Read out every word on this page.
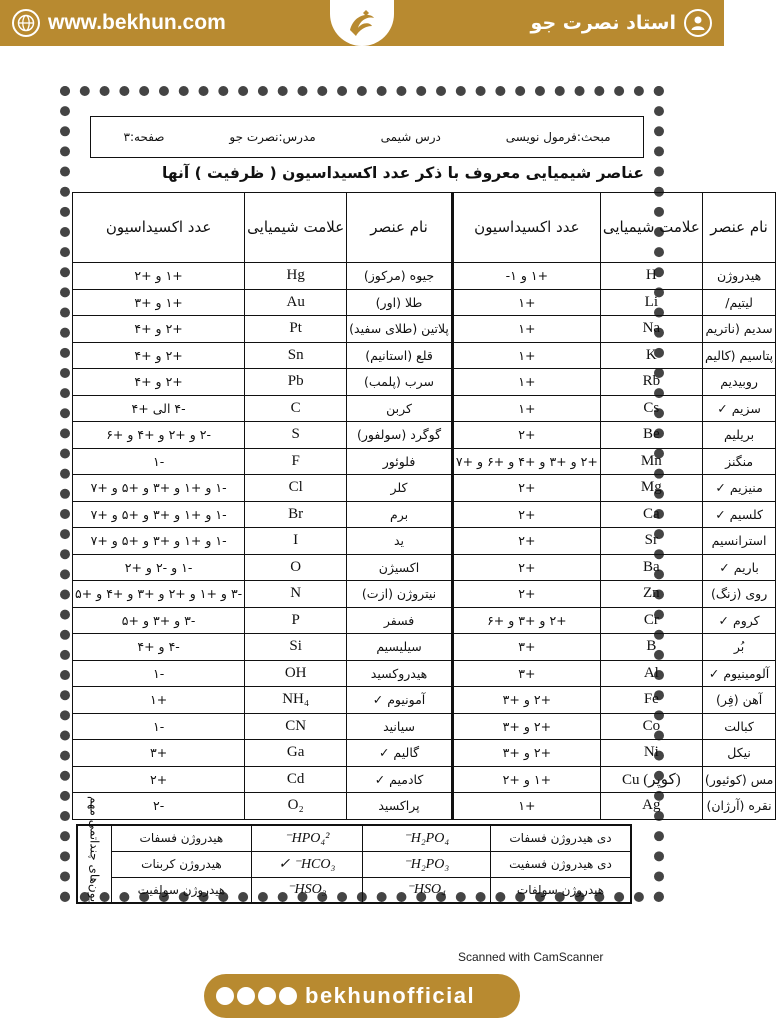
www.bekhun.com	استاد نصرت جو
مبحث:فرمول نویسی
درس شیمی
مدرس:نصرت جو
صفحه:۳
عناصر شیمیایی معروف با ذکر عدد اکسیداسیون ( ظرفیت ) آنها
نام عنصر	علامت شیمیایی	عدد اکسیداسیون	نام عنصر	علامت شیمیایی	عدد اکسیداسیون
هیدروژن	H	+۱ و ۱-	جیوه (مرکوز)	Hg	+۱ و +۲
لیتیم/	Li	+۱	طلا (اور)	Au	+۱ و +۳
سدیم (ناتریم	Na	+۱	پلاتین (طلای سفید)	Pt	+۲ و +۴
پتاسیم (کالیم	K	+۱	قلع (استانیم)	Sn	+۲ و +۴
روبیدیم	Rb	+۱	سرب (پلمب)	Pb	+۲ و +۴
سزیم ✓	Cs	+۱	کربن	C	-۴ الی +۴
بریلیم	Be	+۲	گوگرد (سولفور)	S	-۲ و +۲ و +۴ و +۶
منگنز	Mn	+۲ و +۳ و +۴ و +۶ و +۷	فلوئور	F	-۱
منیزیم ✓	Mg	+۲	کلر	Cl	-۱ و +۱ و +۳ و +۵ و +۷
کلسیم ✓	Ca	+۲	برم	Br	-۱ و +۱ و +۳ و +۵ و +۷
استرانسیم	Sr	+۲	ید	I	-۱ و +۱ و +۳ و +۵ و +۷
باریم ✓	Ba	+۲	اکسیژن	O	-۱ و -۲ و +۲
روی (زنگ)	Zn	+۲	نیتروژن (ازت)	N	-۳ و +۱ و +۲ و +۳ و +۴ و +۵
کروم ✓	Cr	+۲ و +۳ و +۶	فسفر	P	-۳ و +۳ و +۵
بُر	B	+۳	سیلیسیم	Si	-۴ و +۴
آلومینیوم ✓	Al	+۳	هیدروکسید	OH	-۱
آهن (فِر)	Fe	+۲ و +۳	آمونیوم ✓	NH₄	+۱
کبالت	Co	+۲ و +۳	سیانید	CN	-۱
نیکل	Ni	+۲ و +۳	گالیم ✓	Ga	+۳
مس (کوئیور)	(کوپر) Cu	+۱ و +۲	کادمیم ✓	Cd	+۲
نقره (آرژان)	Ag	+۱	پراکسید	O₂	-۲
دی هیدروژن فسفات	H₂PO₄⁻	HPO₄²⁻	هیدروژن فسفات	یون‌های چنداتمی مهم
دی هیدروژن فسفیت	H₂PO₃⁻	HCO₃⁻ ✓	هیدروژن کربنات	
هیدروژن سولفات	HSO₄⁻	HSO₃⁻	هیدروژن سولفیت	
Scanned with CamScanner
bekhunofficial
